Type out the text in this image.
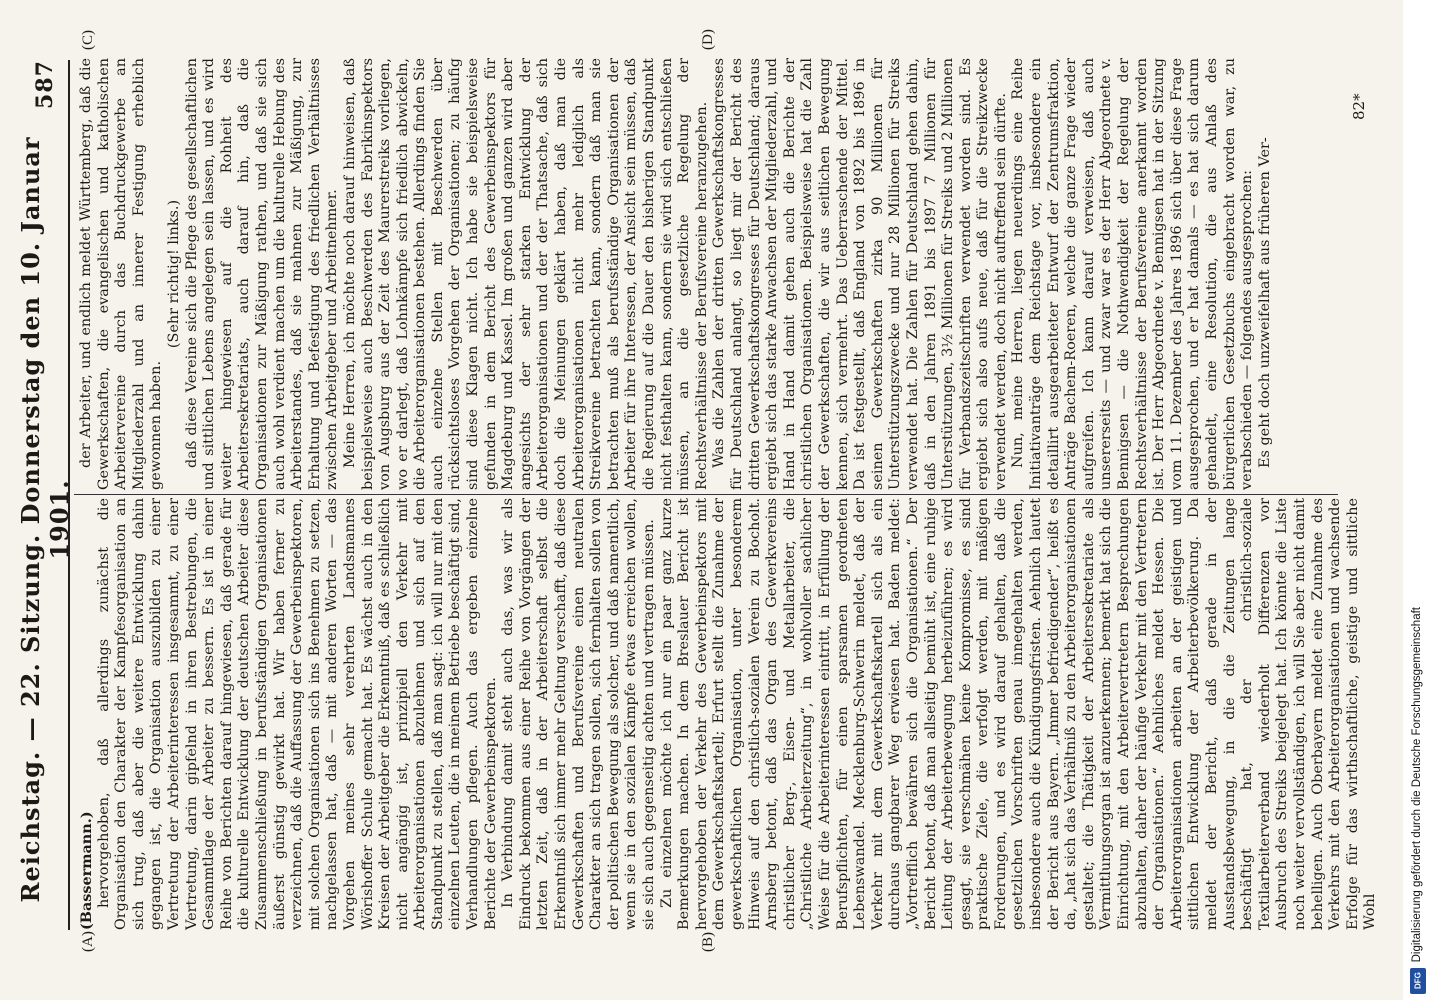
Reichstag. — 22. Sitzung. Donnerstag den 10. Januar 1901.
587
(A)	(B)
(C)	(D)

(Bassermann.) hervorgehoben, daß allerdings zunächst die Organisation den Charakter der Kampfesorganisation an sich trug, daß aber die weitere Entwicklung dahin gegangen ist, die Organisation auszubilden zu einer Vertretung der Arbeiterinteressen insgesammt, zu einer Vertretung, darin gipfelnd in ihren Bestrebungen, die Gesammtlage der Arbeiter zu bessern. Es ist in einer Reihe von Berichten darauf hingewiesen, daß gerade für die kulturelle Entwicklung der deutschen Arbeiter diese Zusammenschließung in berufsständigen Organisationen äußerst günstig gewirkt hat. Wir haben ferner zu verzeichnen, daß die Auffassung der Gewerbeinspektoren, mit solchen Organisationen sich ins Benehmen zu setzen, nachgelassen hat, daß — mit anderen Worten — das Vorgehen meines sehr verehrten Landsmannes Wörishoffer Schule gemacht hat. Es wächst auch in den Kreisen der Arbeitgeber die Erkenntniß, daß es schließlich nicht angängig ist, prinzipiell den Verkehr mit Arbeiterorganisationen abzulehnen und sich auf den Standpunkt zu stellen, daß man sagt: ich will nur mit den einzelnen Leuten, die in meinem Betriebe beschäftigt sind, Verhandlungen pflegen. Auch das ergeben einzelne Berichte der Gewerbeinspektoren. In Verbindung damit steht auch das, was wir als Eindruck bekommen aus einer Reihe von Vorgängen der letzten Zeit, daß in der Arbeiterschaft selbst die Erkenntniß sich immer mehr Geltung verschafft, daß diese Gewerkschaften und Berufsvereine einen neutralen Charakter an sich tragen sollen, sich fernhalten sollen von der politischen Bewegung als solcher, und daß namentlich, wenn sie in den sozialen Kämpfe etwas erreichen wollen, sie sich auch gegenseitig achten und vertragen müssen. Zu einzelnen möchte ich nur ein paar ganz kurze Bemerkungen machen. In dem Breslauer Bericht ist hervorgehoben der Verkehr des Gewerbeinspektors mit dem Gewerkschaftskartell; Erfurt stellt die Zunahme der gewerkschaftlichen Organisation, unter besonderem Hinweis auf den christlich-sozialen Verein zu Bocholt. Arnsberg betont, daß das Organ des Gewerkvereins christlicher Berg-, Eisen- und Metallarbeiter, die „Christliche Arbeiterzeitung“, in wohlvoller sachlicher Weise für die Arbeiterinteressen eintritt, in Erfüllung der Berufspflichten, für einen sparsamen geordneten Lebenswandel. Mecklenburg-Schwerin meldet, daß der Verkehr mit dem Gewerkschaftskartell sich als ein durchaus gangbarer Weg erwiesen hat. Baden meldet: „Vortrefflich bewähren sich die Organisationen.“ Der Bericht betont, daß man allseitig bemüht ist, eine ruhige Leitung der Arbeiterbewegung herbeizuführen; es wird gesagt, sie verschmähen keine Kompromisse, es sind praktische Ziele, die verfolgt werden, mit mäßigen Forderungen, und es wird darauf gehalten, daß die gesetzlichen Vorschriften genau innegehalten werden, insbesondere auch die Kündigungsfristen. Aehnlich lautet der Bericht aus Bayern. „Immer befriedigender“, heißt es da, „hat sich das Verhältniß zu den Arbeiterorganisationen gestaltet; die Thätigkeit der Arbeitersekretariate als Vermittlungsorgan ist anzuerkennen; bemerkt hat sich die Einrichtung, mit den Arbeitervertretern Besprechungen abzuhalten, daher der häufige Verkehr mit den Vertretern der Organisationen.“ Aehnliches meldet Hessen. Die Arbeiterorganisationen arbeiten an der geistigen und sittlichen Entwicklung der Arbeiterbevölkerung. Da meldet der Bericht, daß gerade in der Ausstandsbewegung, in die die Zeitungen lange beschäftigt hat, der christlich-soziale Textilarbeiterverband wiederholt Differenzen vor Ausbruch des Streiks beigelegt hat. Ich könnte die Liste noch weiter vervollständigen, ich will Sie aber nicht damit behelligen. Auch Oberbayern meldet eine Zunahme des Verkehrs mit den Arbeiterorganisationen und wachsende Erfolge für das wirthschaftliche, geistige und sittliche Wohl

der Arbeiter, und endlich meldet Württemberg, daß die Gewerkschaften, die evangelischen und katholischen Arbeitervereine durch das Buchdruckgewerbe an Mitgliederzahl und an innerer Festigung erheblich gewonnen haben.

(Sehr richtig! links.) daß diese Vereine sich die Pflege des gesellschaftlichen und sittlichen Lebens angelegen sein lassen, und es wird weiter hingewiesen auf die Rohheit des Arbeitersekretariats, auch darauf hin, daß die Organisationen zur Mäßigung rathen, und daß sie sich auch wohl verdient machen um die kulturelle Hebung des Arbeiterstandes, daß sie mahnen zur Mäßigung, zur Erhaltung und Befestigung des friedlichen Verhältnisses zwischen Arbeitgeber und Arbeitnehmer. Meine Herren, ich möchte noch darauf hinweisen, daß beispielsweise auch Beschwerden des Fabrikinspektors von Augsburg aus der Zeit des Maurerstreiks vorliegen, wo er darlegt, daß Lohnkämpfe sich friedlich abwickeln, die Arbeiterorganisationen bestehen. Allerdings finden Sie auch einzelne Stellen mit Beschwerden über rücksichtsloses Vorgehen der Organisationen; zu häufig sind diese Klagen nicht. Ich habe sie beispielsweise gefunden in dem Bericht des Gewerbeinspektors für Magdeburg und Kassel. Im großen und ganzen wird aber angesichts der sehr starken Entwicklung der Arbeiterorganisationen und der der Thatsache, daß sich doch die Meinungen geklärt haben, daß man die Arbeiterorganisationen nicht mehr lediglich als Streikvereine betrachten kann, sondern daß man sie betrachten muß als berufsständige Organisationen der Arbeiter für ihre Interessen, der Ansicht sein müssen, daß die Regierung auf die Dauer den bisherigen Standpunkt nicht festhalten kann, sondern sie wird sich entschließen müssen, an die gesetzliche Regelung der Rechtsverhältnisse der Berufsvereine heranzugehen. Was die Zahlen der dritten Gewerkschaftskongresses für Deutschland anlangt, so liegt mir der Bericht des dritten Gewerkschaftskongresses für Deutschland; daraus ergiebt sich das starke Anwachsen der Mitgliederzahl, und Hand in Hand damit gehen auch die Berichte der christlichen Organisationen. Beispielsweise hat die Zahl der Gewerkschaften, die wir aus seitlichen Bewegung kennen, sich vermehrt. Das Ueberraschende der Mittel. Da ist festgestellt, daß England von 1892 bis 1896 in seinen Gewerkschaften zirka 90 Millionen für Unterstützungszwecke und nur 28 Millionen für Streiks verwendet hat. Die Zahlen für Deutschland gehen dahin, daß in den Jahren 1891 bis 1897 7 Millionen für Unterstützungen, 3½ Millionen für Streiks und 2 Millionen für Verbandszeitschriften verwendet worden sind. Es ergiebt sich also aufs neue, daß für die Streikzwecke verwendet werden, doch nicht auftreffend sein dürfte. Nun, meine Herren, liegen neuerdings eine Reihe Initiativanträge dem Reichstage vor, insbesondere ein detaillirt ausgearbeiteter Entwurf der Zentrumsfraktion, Anträge Bachem-Roeren, welche die ganze Frage wieder aufgreifen. Ich kann darauf verweisen, daß auch unsererseits — und zwar war es der Herr Abgeordnete v. Bennigsen — die Nothwendigkeit der Regelung der Rechtsverhältnisse der Berufsvereine anerkannt worden ist. Der Herr Abgeordnete v. Bennigsen hat in der Sitzung vom 11. Dezember des Jahres 1896 sich über diese Frage ausgesprochen, und er hat damals — es hat sich darum gehandelt, eine Resolution, die aus Anlaß des bürgerlichen Gesetzbuchs eingebracht worden war, zu verabschieden — folgendes ausgesprochen: Es geht doch unzweifelhaft aus früheren Ver-

82*
Digitalisierung gefördert durch die Deutsche Forschungsgemeinschaft
DFG
